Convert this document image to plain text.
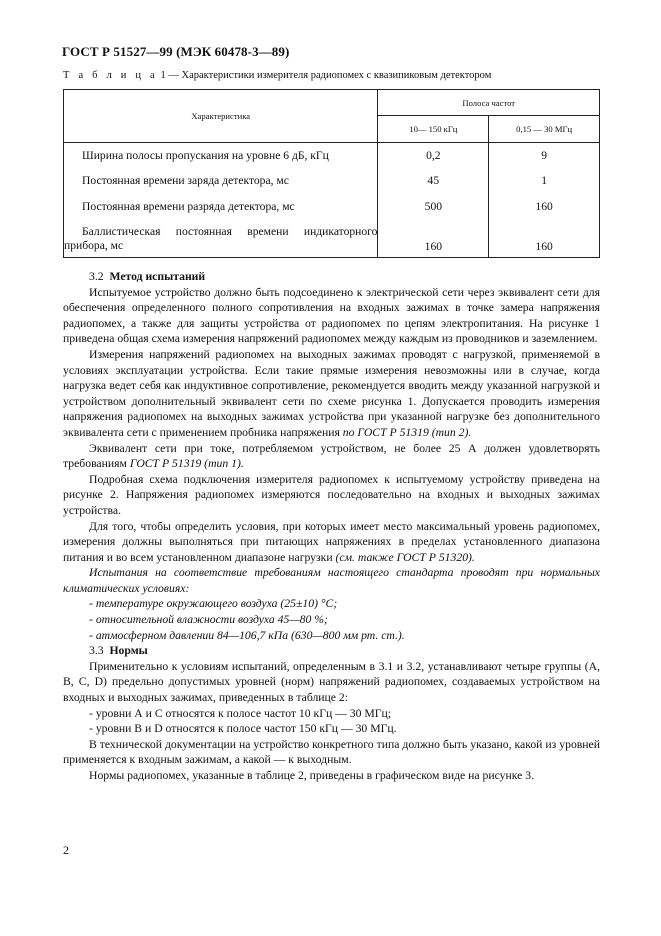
ГОСТ Р 51527—99 (МЭК 60478-3—89)
Т а б л и ц а 1 — Характеристики измерителя радиопомех с квазипиковым детектором
Характеристика	Полоса частот	
	10— 150 кГц	0,15 — 30 МГц
Ширина полосы пропускания на уровне 6 дБ, кГц	0,2	9
Постоянная времени заряда детектора, мс	45	1
Постоянная времени разряда детектора, мс	500	160

Баллистическая постоянная времени индикаторного
прибора, мс	160	160

3.2 Метод испытаний

Испытуемое устройство должно быть подсоединено к электрической сети через эквивалент сети для обеспечения определенного полного сопротивления на входных зажимах в точке замера напряжения радиопомех, а также для защиты устройства от радиопомех по цепям электропитания. На рисунке 1 приведена общая схема измерения напряжений радиопомех между каждым из проводников и заземлением.

Измерения напряжений радиопомех на выходных зажимах проводят с нагрузкой, применяемой в условиях эксплуатации устройства. Если такие прямые измерения невозможны или в случае, когда нагрузка ведет себя как индуктивное сопротивление, рекомендуется вводить между указанной нагрузкой и устройством дополнительный эквивалент сети по схеме рисунка 1. Допускается проводить измерения напряжения радиопомех на выходных зажимах устройства при указанной нагрузке без дополнительного эквивалента сети с применением пробника напряжения по ГОСТ Р 51319 (тип 2).

Эквивалент сети при токе, потребляемом устройством, не более 25 А должен удовлетворять требованиям ГОСТ Р 51319 (тип 1).

Подробная схема подключения измерителя радиопомех к испытуемому устройству приведена на рисунке 2. Напряжения радиопомех измеряются последовательно на входных и выходных зажимах устройства.

Для того, чтобы определить условия, при которых имеет место максимальный уровень радиопомех, измерения должны выполняться при питающих напряжениях в пределах установленного диапазона питания и во всем установленном диапазоне нагрузки (см. также ГОСТ Р 51320).

Испытания на соответствие требованиям настоящего стандарта проводят при нормальных климатических условиях:

- температуре окружающего воздуха (25±10) °С;

- относительной влажности воздуха 45—80 %;

- атмосферном давлении 84—106,7 кПа (630—800 мм рт. ст.).

3.3 Нормы

Применительно к условиям испытаний, определенным в 3.1 и 3.2, устанавливают четыре группы (А, В, С, D) предельно допустимых уровней (норм) напряжений радиопомех, создаваемых устройством на входных и выходных зажимах, приведенных в таблице 2:

- уровни А и С относятся к полосе частот 10 кГц — 30 МГц;

- уровни В и D относятся к полосе частот 150 кГц — 30 МГц.

В технической документации на устройство конкретного типа должно быть указано, какой из уровней применяется к входным зажимам, а какой — к выходным.

Нормы радиопомех, указанные в таблице 2, приведены в графическом виде на рисунке 3.

2
